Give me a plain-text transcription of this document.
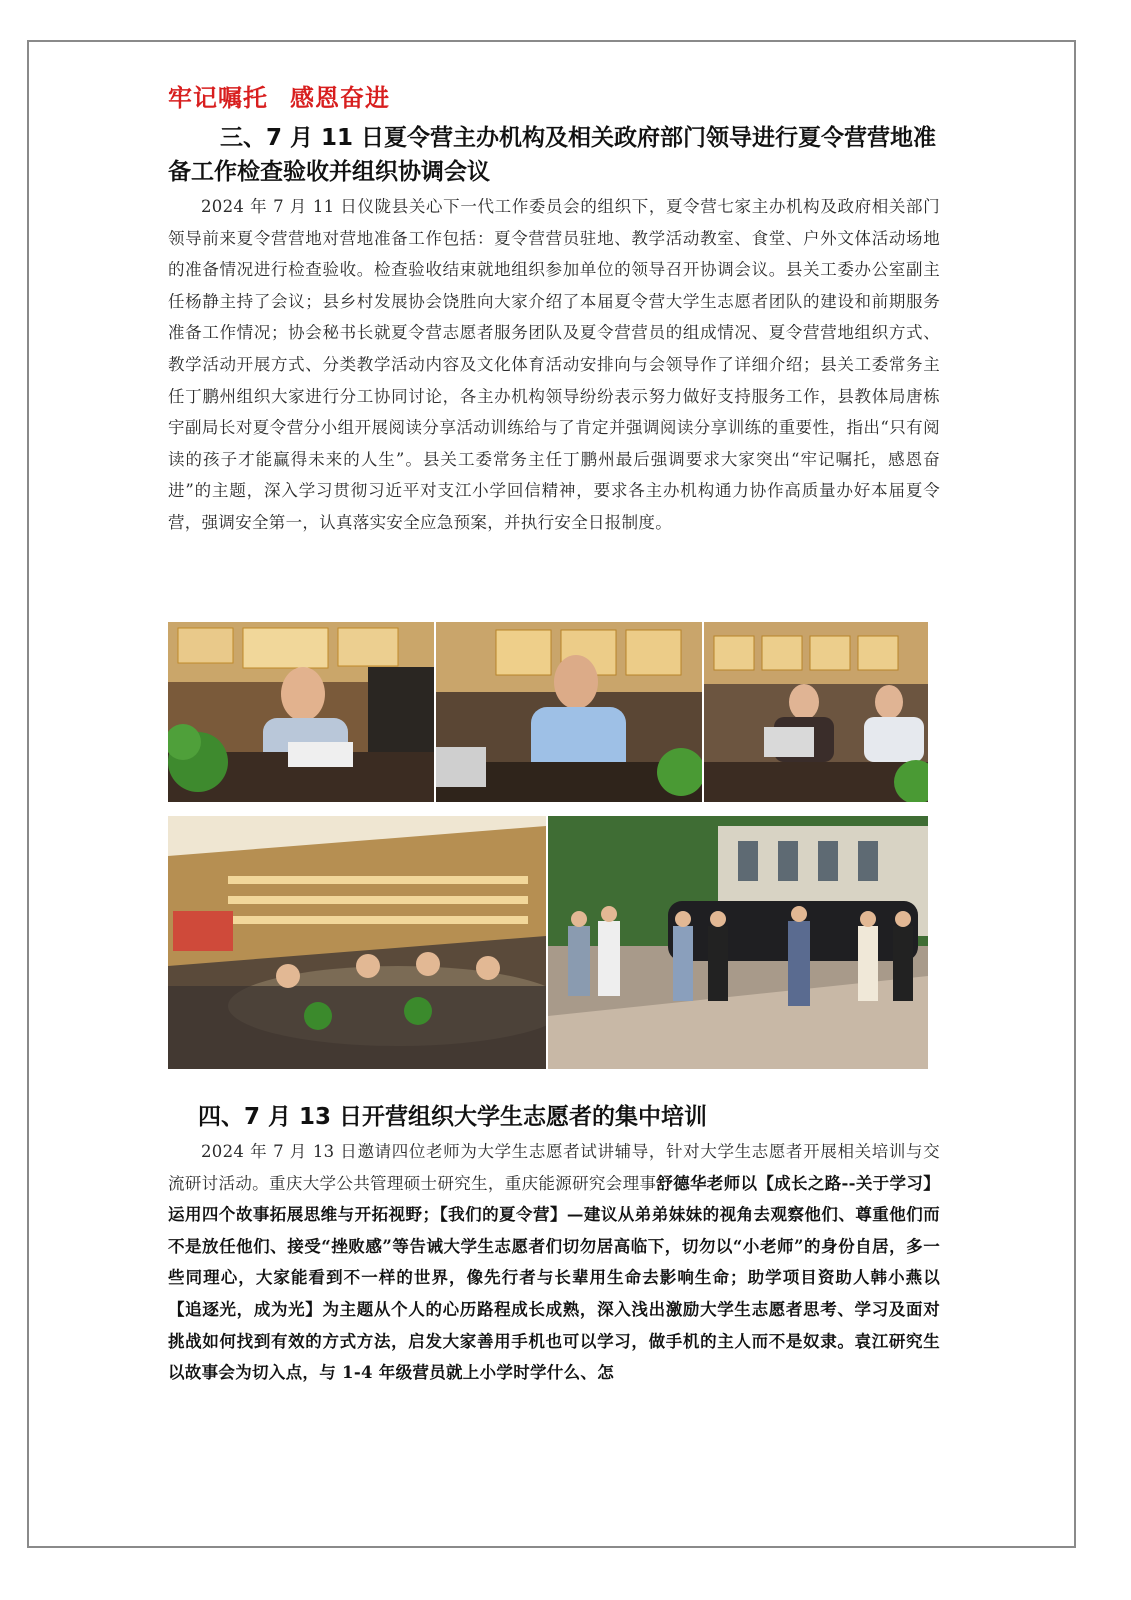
牢记嘱托 感恩奋进
三、7 月 11 日夏令营主办机构及相关政府部门领导进行夏令营营地准备工作检查验收并组织协调会议

2024 年 7 月 11 日仪陇县关心下一代工作委员会的组织下，夏令营七家主办机构及政府相关部门领导前来夏令营营地对营地准备工作包括：夏令营营员驻地、教学活动教室、食堂、户外文体活动场地的准备情况进行检查验收。检查验收结束就地组织参加单位的领导召开协调会议。县关工委办公室副主任杨静主持了会议；县乡村发展协会饶胜向大家介绍了本届夏令营大学生志愿者团队的建设和前期服务准备工作情况；协会秘书长就夏令营志愿者服务团队及夏令营营员的组成情况、夏令营营地组织方式、教学活动开展方式、分类教学活动内容及文化体育活动安排向与会领导作了详细介绍；县关工委常务主任丁鹏州组织大家进行分工协同讨论，各主办机构领导纷纷表示努力做好支持服务工作，县教体局唐栋宇副局长对夏令营分小组开展阅读分享活动训练给与了肯定并强调阅读分享训练的重要性，指出“只有阅读的孩子才能赢得未来的人生”。县关工委常务主任丁鹏州最后强调要求大家突出“牢记嘱托，感恩奋进”的主题，深入学习贯彻习近平对支江小学回信精神，要求各主办机构通力协作高质量办好本届夏令营，强调安全第一，认真落实安全应急预案，并执行安全日报制度。

四、7 月 13 日开营组织大学生志愿者的集中培训

2024 年 7 月 13 日邀请四位老师为大学生志愿者试讲辅导，针对大学生志愿者开展相关培训与交流研讨活动。重庆大学公共管理硕士研究生，重庆能源研究会理事舒德华老师以【成长之路--关于学习】运用四个故事拓展思维与开拓视野；【我们的夏令营】—建议从弟弟妹妹的视角去观察他们、尊重他们而不是放任他们、接受“挫败感”等告诫大学生志愿者们切勿居高临下，切勿以“小老师”的身份自居，多一些同理心，大家能看到不一样的世界，像先行者与长辈用生命去影响生命；助学项目资助人韩小燕以【追逐光，成为光】为主题从个人的心历路程成长成熟，深入浅出激励大学生志愿者思考、学习及面对挑战如何找到有效的方式方法，启发大家善用手机也可以学习，做手机的主人而不是奴隶。袁江研究生以故事会为切入点，与 1-4 年级营员就上小学时学什么、怎
